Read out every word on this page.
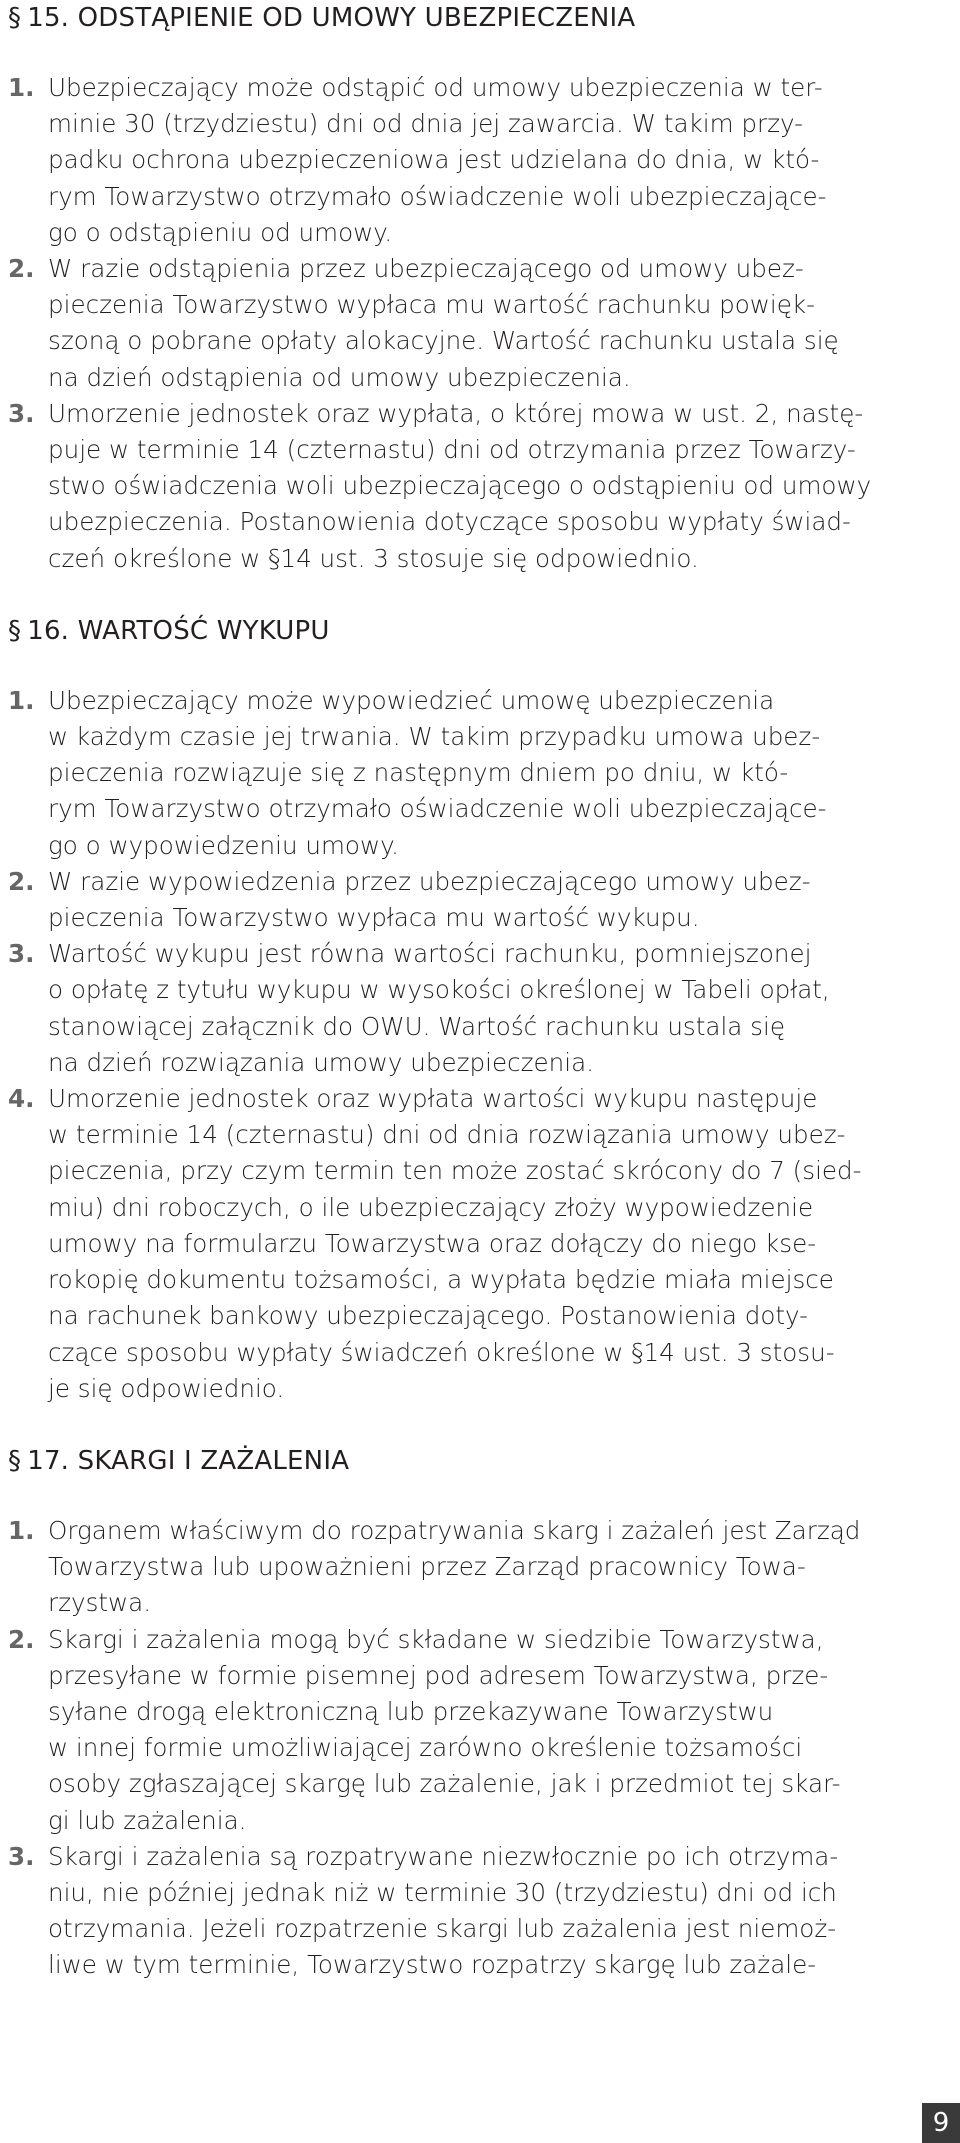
§ 15. ODSTĄPIENIE OD UMOWY UBEZPIECZENIA
1. Ubezpieczający może odstąpić od umowy ubezpieczenia w ter-
minie 30 (trzydziestu) dni od dnia jej zawarcia. W takim przy-
padku ochrona ubezpieczeniowa jest udzielana do dnia, w któ-
rym Towarzystwo otrzymało oświadczenie woli ubezpieczające-
go o odstąpieniu od umowy.
2. W razie odstąpienia przez ubezpieczającego od umowy ubez-
pieczenia Towarzystwo wypłaca mu wartość rachunku powięk-
szoną o pobrane opłaty alokacyjne. Wartość rachunku ustala się
na dzień odstąpienia od umowy ubezpieczenia.
3. Umorzenie jednostek oraz wypłata, o której mowa w ust. 2, nastę-
puje w terminie 14 (czternastu) dni od otrzymania przez Towarzy-
stwo oświadczenia woli ubezpieczającego o odstąpieniu od umowy
ubezpieczenia. Postanowienia dotyczące sposobu wypłaty świad-
czeń określone w §14 ust. 3 stosuje się odpowiednio.
§ 16. WARTOŚĆ WYKUPU
1. Ubezpieczający może wypowiedzieć umowę ubezpieczenia
w każdym czasie jej trwania. W takim przypadku umowa ubez-
pieczenia rozwiązuje się z następnym dniem po dniu, w któ-
rym Towarzystwo otrzymało oświadczenie woli ubezpieczające-
go o wypowiedzeniu umowy.
2. W razie wypowiedzenia przez ubezpieczającego umowy ubez-
pieczenia Towarzystwo wypłaca mu wartość wykupu.
3. Wartość wykupu jest równa wartości rachunku, pomniejszonej
o opłatę z tytułu wykupu w wysokości określonej w Tabeli opłat,
stanowiącej załącznik do OWU. Wartość rachunku ustala się
na dzień rozwiązania umowy ubezpieczenia.
4. Umorzenie jednostek oraz wypłata wartości wykupu następuje
w terminie 14 (czternastu) dni od dnia rozwiązania umowy ubez-
pieczenia, przy czym termin ten może zostać skrócony do 7 (sied-
miu) dni roboczych, o ile ubezpieczający złoży wypowiedzenie
umowy na formularzu Towarzystwa oraz dołączy do niego kse-
rokopię dokumentu tożsamości, a wypłata będzie miała miejsce
na rachunek bankowy ubezpieczającego. Postanowienia doty-
czące sposobu wypłaty świadczeń określone w §14 ust. 3 stosu-
je się odpowiednio.
§ 17. SKARGI I ZAŻALENIA
1. Organem właściwym do rozpatrywania skarg i zażaleń jest Zarząd
Towarzystwa lub upoważnieni przez Zarząd pracownicy Towa-
rzystwa.
2. Skargi i zażalenia mogą być składane w siedzibie Towarzystwa,
przesyłane w formie pisemnej pod adresem Towarzystwa, prze-
syłane drogą elektroniczną lub przekazywane Towarzystwu
w innej formie umożliwiającej zarówno określenie tożsamości
osoby zgłaszającej skargę lub zażalenie, jak i przedmiot tej skar-
gi lub zażalenia.
3. Skargi i zażalenia są rozpatrywane niezwłocznie po ich otrzyma-
niu, nie później jednak niż w terminie 30 (trzydziestu) dni od ich
otrzymania. Jeżeli rozpatrzenie skargi lub zażalenia jest niemoż-
liwe w tym terminie, Towarzystwo rozpatrzy skargę lub zażale-
9
